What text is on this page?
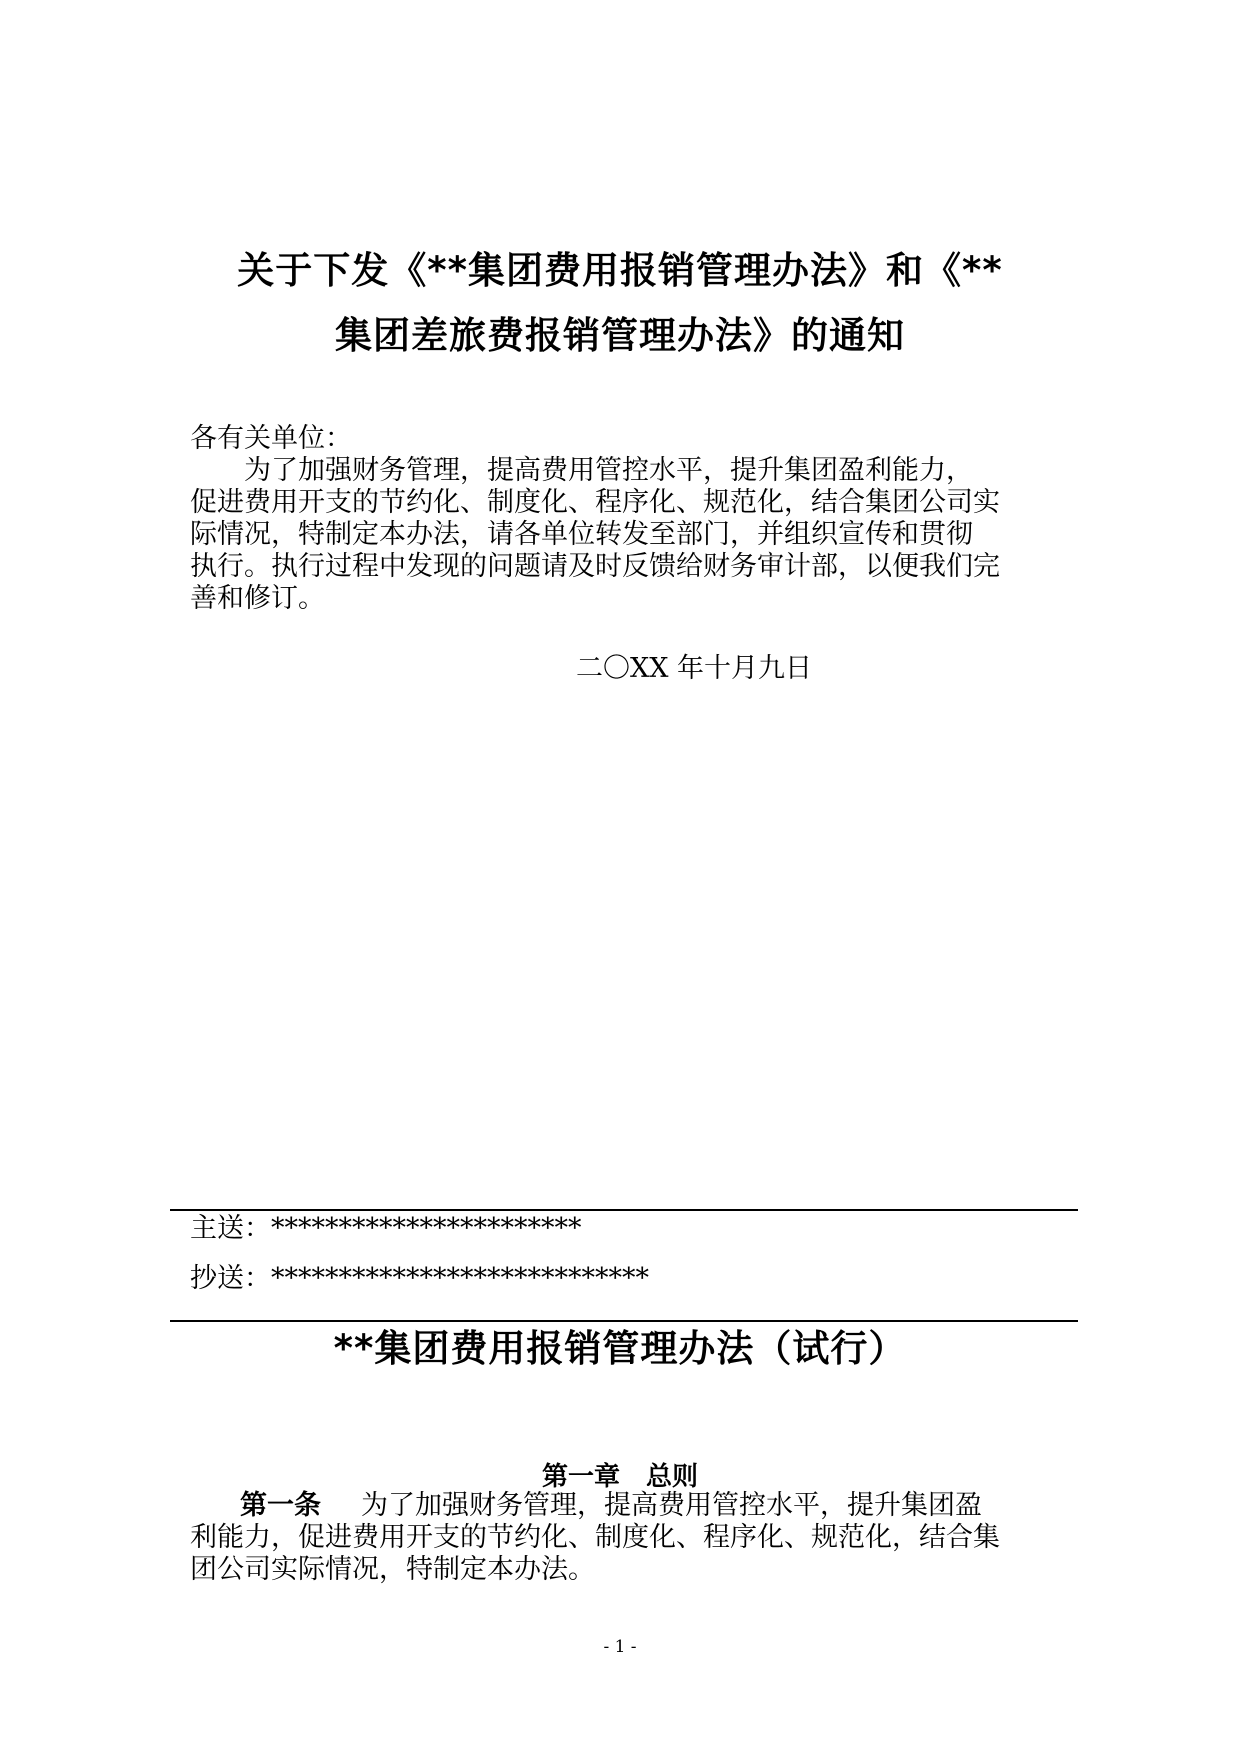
关于下发《**集团费用报销管理办法》和《**
集团差旅费报销管理办法》的通知
各有关单位：
为了加强财务管理，提高费用管控水平，提升集团盈利能力，
促进费用开支的节约化、制度化、程序化、规范化，结合集团公司实
际情况，特制定本办法，请各单位转发至部门，并组织宣传和贯彻
执行。执行过程中发现的问题请及时反馈给财务审计部，以便我们完
善和修订。
二〇XX 年十月九日
主送：***********************
抄送：****************************
**集团费用报销管理办法（试行）
第一章　总则
第一条 为了加强财务管理，提高费用管控水平，提升集团盈
利能力，促进费用开支的节约化、制度化、程序化、规范化，结合集
团公司实际情况，特制定本办法。
- 1 -
